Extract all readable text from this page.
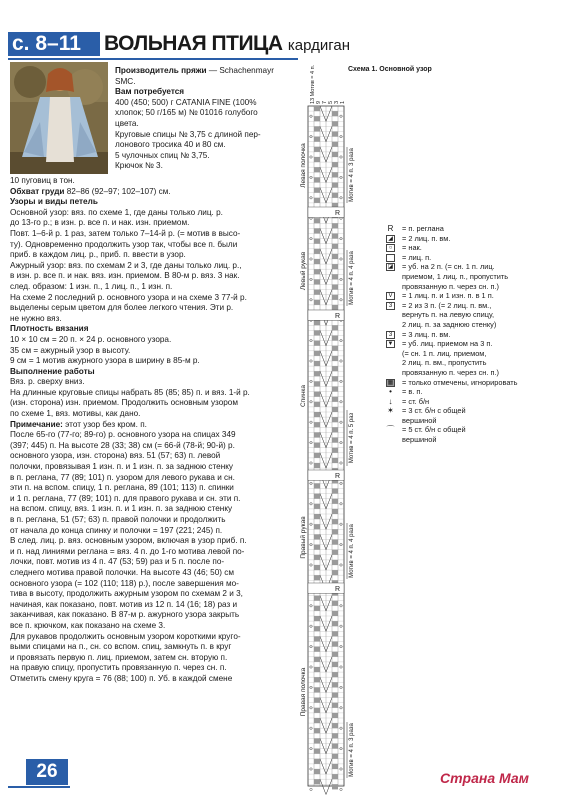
с. 8–11	ВОЛЬНАЯ ПТИЦА кардиган
Производитель пряжи — Schachenmayr
SMC.
Вам потребуется
400 (450; 500) г CATANIA FINE (100%
хлопок; 50 г/165 м) № 01016 голубого
цвета.
Круговые спицы № 3,75 с длиной пер-
лонового тросика 40 и 80 см.
5 чулочных спиц № 3,75.
Крючок № 3.
10 пуговиц в тон.
Обхват груди 82–86 (92–97; 102–107) см.
Узоры и виды петель
Основной узор: вяз. по схеме 1, где даны только лиц. р.
до 13-го р.; в изн. р. все п. и нак. изн. приемом.
Повт. 1–6-й р. 1 раз, затем только 7–14-й р. (= мотив в высо-
ту). Одновременно продолжить узор так, чтобы все п. были
приб. в каждом лиц. р., приб. п. ввести в узор.
Ажурный узор: вяз. по схемам 2 и 3, где даны только лиц. р.,
в изн. р. все п. и нак. вяз. изн. приемом. В 80-м р. вяз. 3 нак.
след. образом: 1 изн. п., 1 лиц. п., 1 изн. п.
На схеме 2 последний р. основного узора и на схеме 3 77-й р.
выделены серым цветом для более легкого чтения. Эти р.
не нужно вяз.
Плотность вязания
10 × 10 см = 20 п. × 24 р. основного узора.
35 см = ажурный узор в высоту.
9 см = 1 мотив ажурного узора в ширину в 85-м р.
Выполнение работы
Вяз. р. сверху вниз.
На длинные круговые спицы набрать 85 (85; 85) п. и вяз. 1-й р.
(изн. сторона) изн. приемом. Продолжить основным узором
по схеме 1, вяз. мотивы, как дано.
Примечание: этот узор без кром. п.
После 65-го (77-го; 89-го) р. основного узора на спицах 349
(397; 445) п. На высоте 28 (33; 38) см (= 66-й (78-й; 90-й) р.
основного узора, изн. сторона) вяз. 51 (57; 63) п. левой
полочки, провязывая 1 изн. п. и 1 изн. п. за заднюю стенку
в п. реглана, 77 (89; 101) п. узором для левого рукава и сн.
эти п. на вспом. спицу, 1 п. реглана, 89 (101; 113) п. спинки
и 1 п. реглана, 77 (89; 101) п. для правого рукава и сн. эти п.
на вспом. спицу, вяз. 1 изн. п. и 1 изн. п. за заднюю стенку
в п. реглана, 51 (57; 63) п. правой полочки и продолжить
от начала до конца спинку и полочки = 197 (221; 245) п.
В след. лиц. р. вяз. основным узором, включая в узор приб. п.
и п. над линиями реглана = вяз. 4 п. до 1-го мотива левой по-
лочки, повт. мотив из 4 п. 47 (53; 59) раз и 5 п. после по-
следнего мотива правой полочки. На высоте 43 (46; 50) см
основного узора (= 102 (110; 118) р.), после завершения мо-
тива в высоту, продолжить ажурным узором по схемам 2 и 3,
начиная, как показано, повт. мотив из 12 п. 14 (16; 18) раз и
заканчивая, как показано. В 87-м р. ажурного узора закрыть
все п. крючком, как показано на схеме 3.
Для рукавов продолжить основным узором короткими кругo-
выми спицами на п., сн. со вспом. спиц, замкнуть п. в круг
и провязать первую п. лиц. приемом, затем сн. вторую п.
на правую спицу, пропустить провязанную п. через сн. п.
Отметить смену круга = 76 (88; 100) п. Уб. в каждой смене
26
Схема 1. Основной узор
R
R
R
R
13 Мотив = 4 п. 9 7 5 3 1
Левая полочка	Мотив = 4 п. 3 раза
Левый рукав	Мотив = 4 п. 4 раза
Спинка
Мотив = 4 п. 5 раз
Правый рукав	Мотив = 4 п. 4 раза
Правая полочка
Мотив = 4 п. 3 раза
R = п. реглана
◢ = 2 лиц. п. вм.
○	= нак.
= лиц. п.
◪ = уб. на 2 п. (= сн. 1 п. лиц.
приемом, 1 лиц. п., пропустить
провязанную п. через сн. п.)
V	= 1 лиц. п. и 1 изн. п. в 1 п.
3	= 2 из 3 п. (= 2 лиц. п. вм.,
вернуть п. на левую спицу,
2 лиц. п. за заднюю стенку)
3	= 3 лиц. п. вм.
▼ = уб. лиц. приемом на 3 п.
(= сн. 1 п. лиц. приемом,
2 лиц. п. вм., пропустить
провязанную п. через сн. п.)
▦ = только отмечены, игнорировать
•	= в. п.
↓	= ст. б/н
✶ = 3 ст. б/н с общей
вершиной
⌒ = 5 ст. б/н с общей
вершиной
Страна Мам
